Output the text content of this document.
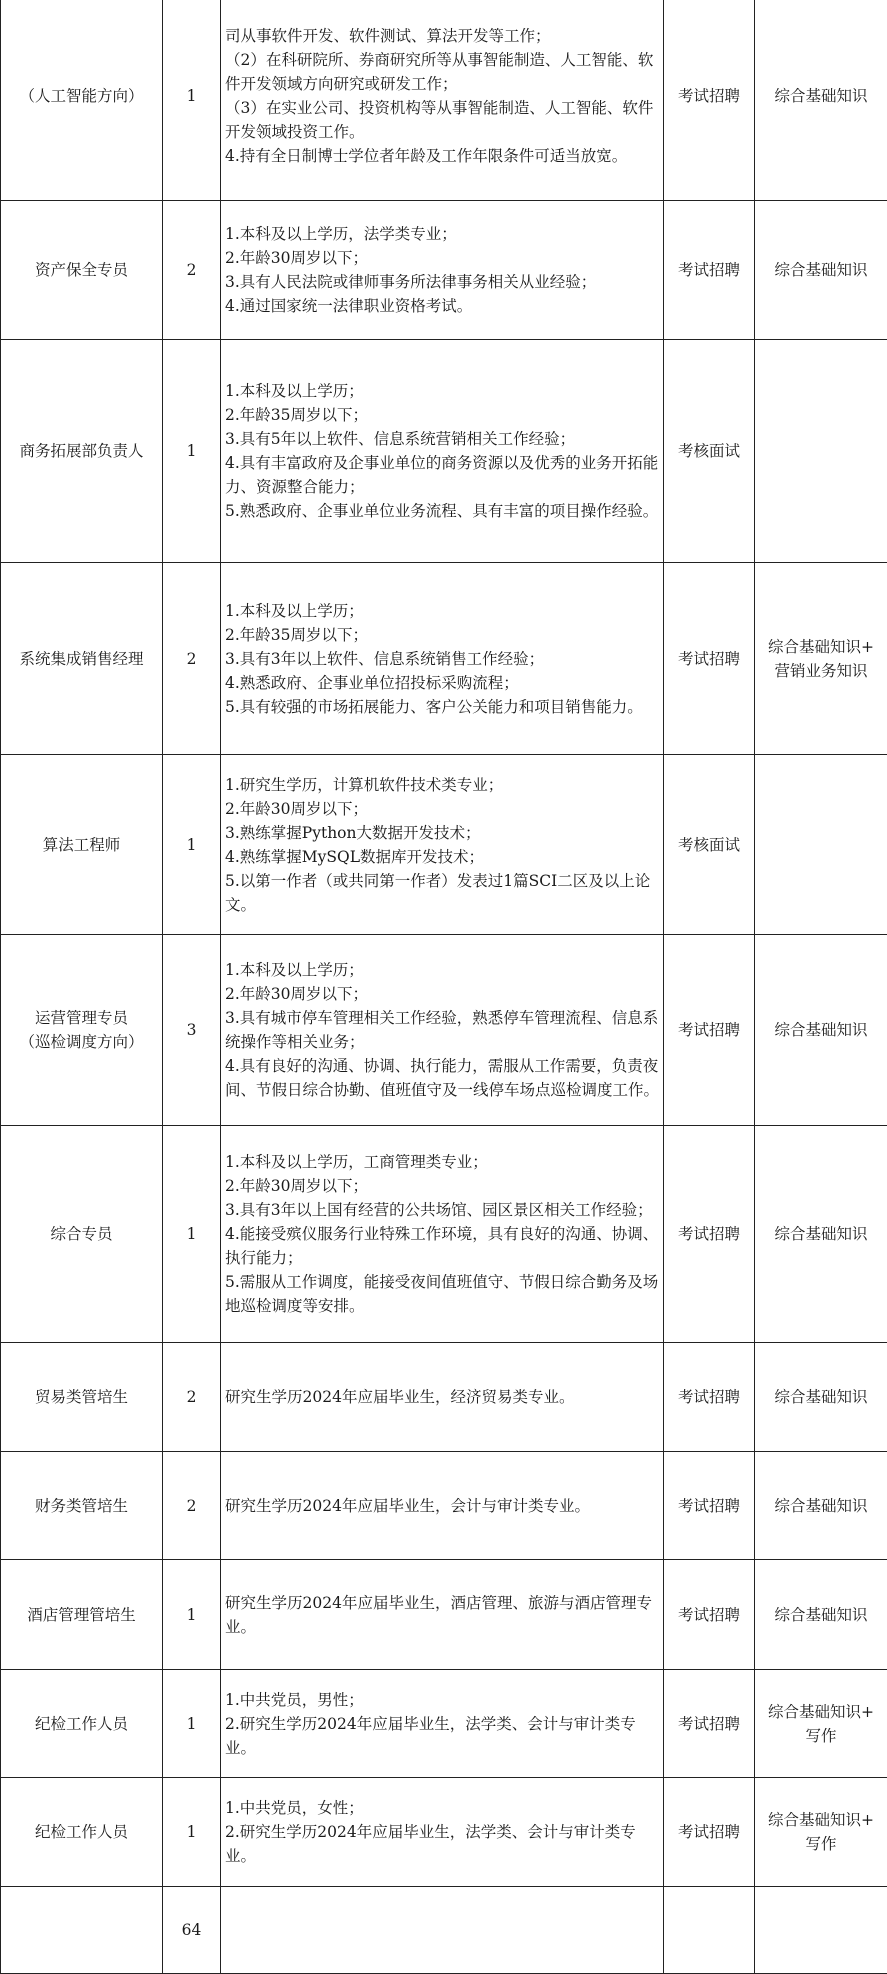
（人工智能方向）	1	司从事软件开发、软件测试、算法开发等工作；
（2）在科研院所、券商研究所等从事智能制造、人工智能、软件开发领域方向研究或研发工作；
（3）在实业公司、投资机构等从事智能制造、人工智能、软件开发领域投资工作。
4.持有全日制博士学位者年龄及工作年限条件可适当放宽。	考试招聘	综合基础知识

资产保全专员	2	1.本科及以上学历，法学类专业；
2.年龄30周岁以下；
3.具有人民法院或律师事务所法律事务相关从业经验；
4.通过国家统一法律职业资格考试。	考试招聘	综合基础知识

商务拓展部负责人	1	1.本科及以上学历；
2.年龄35周岁以下；
3.具有5年以上软件、信息系统营销相关工作经验；
4.具有丰富政府及企事业单位的商务资源以及优秀的业务开拓能力、资源整合能力；
5.熟悉政府、企事业单位业务流程、具有丰富的项目操作经验。	考核面试	

系统集成销售经理	2	1.本科及以上学历；
2.年龄35周岁以下；
3.具有3年以上软件、信息系统销售工作经验；
4.熟悉政府、企事业单位招投标采购流程；
5.具有较强的市场拓展能力、客户公关能力和项目销售能力。	考试招聘	综合基础知识+
营销业务知识

算法工程师	1	1.研究生学历，计算机软件技术类专业；
2.年龄30周岁以下；
3.熟练掌握Python大数据开发技术；
4.熟练掌握MySQL数据库开发技术；
5.以第一作者（或共同第一作者）发表过1篇SCI二区及以上论文。	考核面试	

运营管理专员
（巡检调度方向）	3	1.本科及以上学历；
2.年龄30周岁以下；
3.具有城市停车管理相关工作经验，熟悉停车管理流程、信息系统操作等相关业务；
4.具有良好的沟通、协调、执行能力，需服从工作需要，负责夜间、节假日综合协勤、值班值守及一线停车场点巡检调度工作。	考试招聘	综合基础知识

综合专员	1	1.本科及以上学历，工商管理类专业；
2.年龄30周岁以下；
3.具有3年以上国有经营的公共场馆、园区景区相关工作经验；
4.能接受殡仪服务行业特殊工作环境，具有良好的沟通、协调、执行能力；
5.需服从工作调度，能接受夜间值班值守、节假日综合勤务及场地巡检调度等安排。	考试招聘	综合基础知识

贸易类管培生	2	研究生学历2024年应届毕业生，经济贸易类专业。	考试招聘	综合基础知识

财务类管培生	2	研究生学历2024年应届毕业生，会计与审计类专业。	考试招聘	综合基础知识

酒店管理管培生	1	研究生学历2024年应届毕业生，酒店管理、旅游与酒店管理专业。	考试招聘	综合基础知识

纪检工作人员	1	1.中共党员，男性；
2.研究生学历2024年应届毕业生，法学类、会计与审计类专业。	考试招聘	综合基础知识+
写作

纪检工作人员	1	1.中共党员，女性；
2.研究生学历2024年应届毕业生，法学类、会计与审计类专业。	考试招聘	综合基础知识+
写作

	64	
